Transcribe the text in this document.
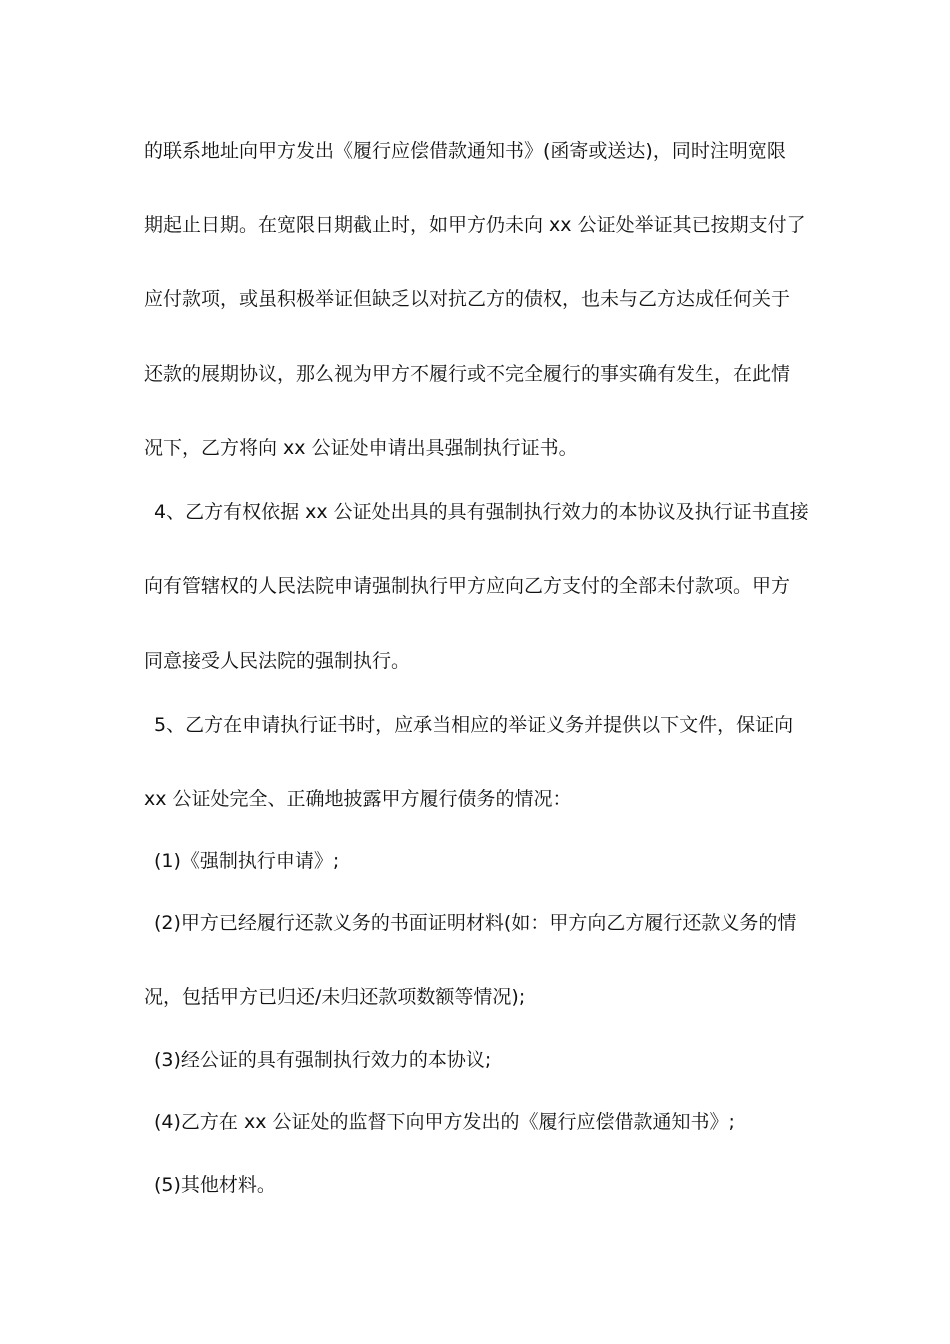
的联系地址向甲方发出《履行应偿借款通知书》(函寄或送达)，同时注明宽限
期起止日期。在宽限日期截止时，如甲方仍未向 xx 公证处举证其已按期支付了
应付款项，或虽积极举证但缺乏以对抗乙方的债权，也未与乙方达成任何关于
还款的展期协议，那么视为甲方不履行或不完全履行的事实确有发生，在此情
况下，乙方将向 xx 公证处申请出具强制执行证书。
4、乙方有权依据 xx 公证处出具的具有强制执行效力的本协议及执行证书直接
向有管辖权的人民法院申请强制执行甲方应向乙方支付的全部未付款项。甲方
同意接受人民法院的强制执行。
5、乙方在申请执行证书时，应承当相应的举证义务并提供以下文件，保证向
xx 公证处完全、正确地披露甲方履行债务的情况：
(1)《强制执行申请》;
(2)甲方已经履行还款义务的书面证明材料(如：甲方向乙方履行还款义务的情
况，包括甲方已归还/未归还款项数额等情况);
(3)经公证的具有强制执行效力的本协议;
(4)乙方在 xx 公证处的监督下向甲方发出的《履行应偿借款通知书》;
(5)其他材料。
